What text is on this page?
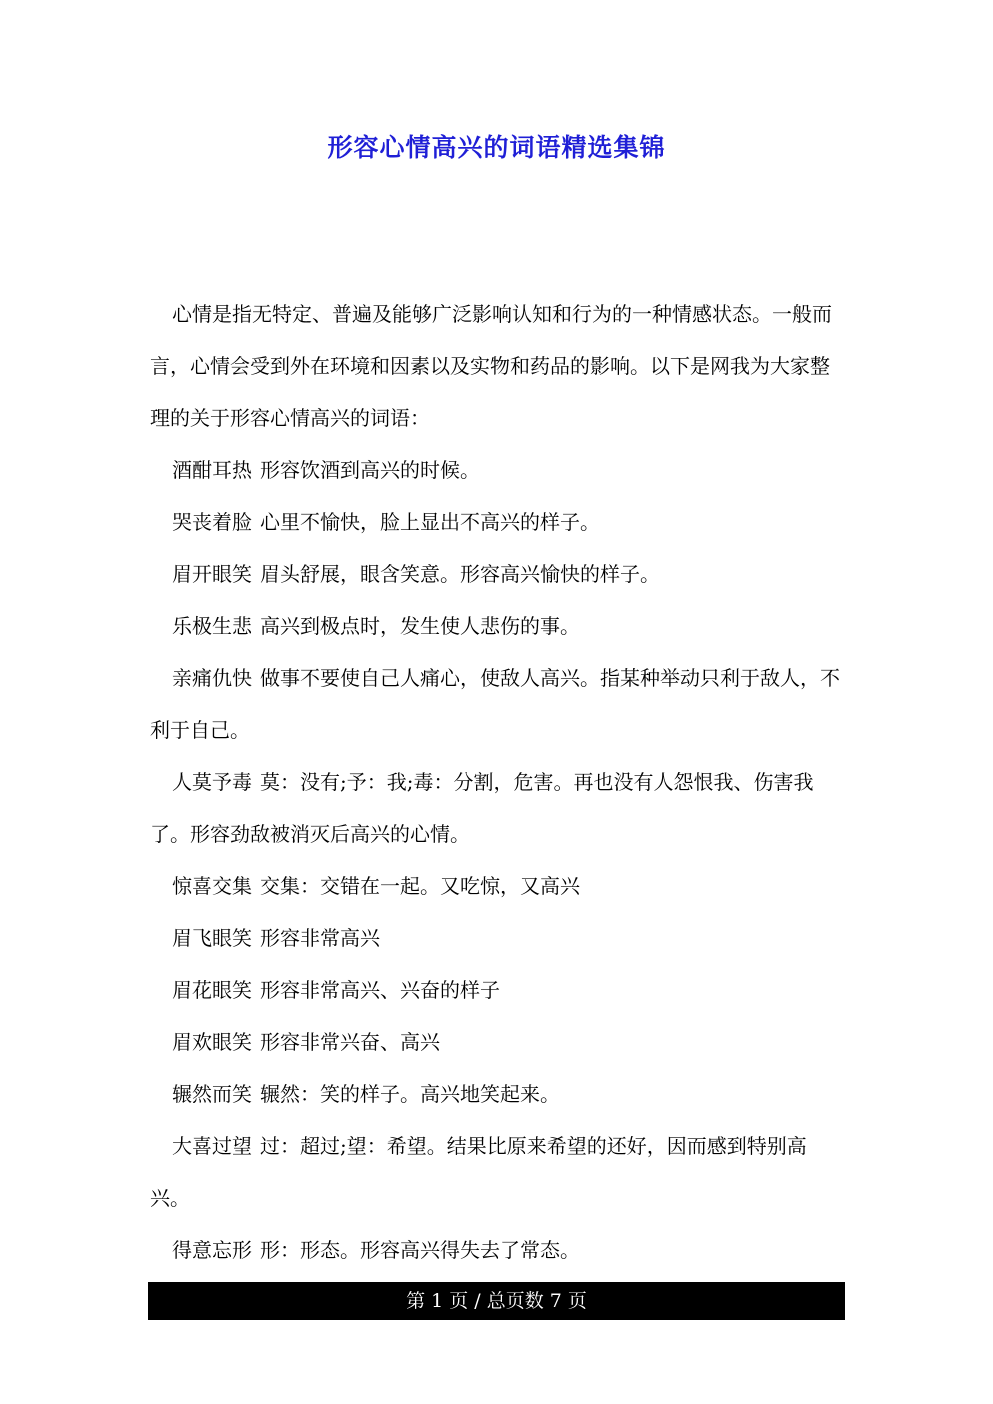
形容心情高兴的词语精选集锦

心情是指无特定、普遍及能够广泛影响认知和行为的一种情感状态。一般而言，心情会受到外在环境和因素以及实物和药品的影响。以下是网我为大家整理的关于形容心情高兴的词语：

酒酣耳热 形容饮酒到高兴的时候。

哭丧着脸 心里不愉快，脸上显出不高兴的样子。

眉开眼笑 眉头舒展，眼含笑意。形容高兴愉快的样子。

乐极生悲 高兴到极点时，发生使人悲伤的事。

亲痛仇快 做事不要使自己人痛心，使敌人高兴。指某种举动只利于敌人，不利于自己。

人莫予毒 莫：没有;予：我;毒：分割，危害。再也没有人怨恨我、伤害我了。形容劲敌被消灭后高兴的心情。

惊喜交集 交集：交错在一起。又吃惊，又高兴

眉飞眼笑 形容非常高兴

眉花眼笑 形容非常高兴、兴奋的样子

眉欢眼笑 形容非常兴奋、高兴

辗然而笑 辗然：笑的样子。高兴地笑起来。

大喜过望 过：超过;望：希望。结果比原来希望的还好，因而感到特别高兴。

得意忘形 形：形态。形容高兴得失去了常态。

第 1 页 / 总页数 7 页
